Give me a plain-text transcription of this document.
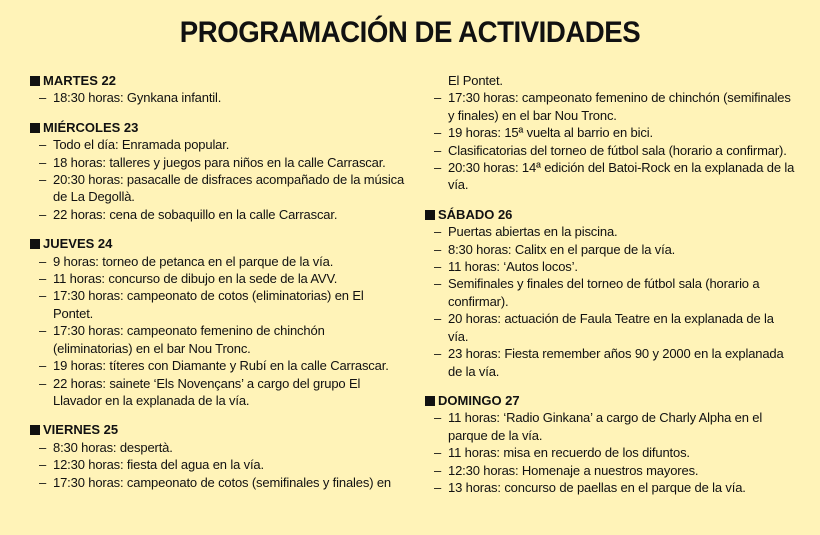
PROGRAMACIÓN DE ACTIVIDADES
MARTES 22
– 18:30 horas: Gynkana infantil.
MIÉRCOLES 23
– Todo el día: Enramada popular.
– 18 horas: talleres y juegos para niños en la calle Carrascar.
– 20:30 horas: pasacalle de disfraces acompañado de la música de La Degollà.
– 22 horas: cena de sobaquillo en la calle Carrascar.
JUEVES 24
– 9 horas: torneo de petanca en el parque de la vía.
– 11 horas: concurso de dibujo en la sede de la AVV.
– 17:30 horas: campeonato de cotos (eliminatorias) en El Pontet.
– 17:30 horas: campeonato femenino de chinchón (eliminatorias) en el bar Nou Tronc.
– 19 horas: títeres con Diamante y Rubí en la calle Carrascar.
– 22 horas: sainete ‘Els Novençans’ a cargo del grupo El Llavador en la explanada de la vía.
VIERNES 25
– 8:30 horas: despertà.
– 12:30 horas: fiesta del agua en la vía.
– 17:30 horas: campeonato de cotos (semifinales y finales) en
El Pontet.
– 17:30 horas: campeonato femenino de chinchón (semifinales y finales) en el bar Nou Tronc.
– 19 horas: 15ª vuelta al barrio en bici.
– Clasificatorias del torneo de fútbol sala (horario a confirmar).
– 20:30 horas: 14ª edición del Batoi-Rock en la explanada de la vía.
SÁBADO 26
– Puertas abiertas en la piscina.
– 8:30 horas: Calitx en el parque de la vía.
– 11 horas: ‘Autos locos’.
– Semifinales y finales del torneo de fútbol sala (horario a confirmar).
– 20 horas: actuación de Faula Teatre en la explanada de la vía.
– 23 horas: Fiesta remember años 90 y 2000 en la explanada de la vía.
DOMINGO 27
– 11 horas: ‘Radio Ginkana’ a cargo de Charly Alpha en el parque de la vía.
– 11 horas: misa en recuerdo de los difuntos.
– 12:30 horas: Homenaje a nuestros mayores.
– 13 horas: concurso de paellas en el parque de la vía.
